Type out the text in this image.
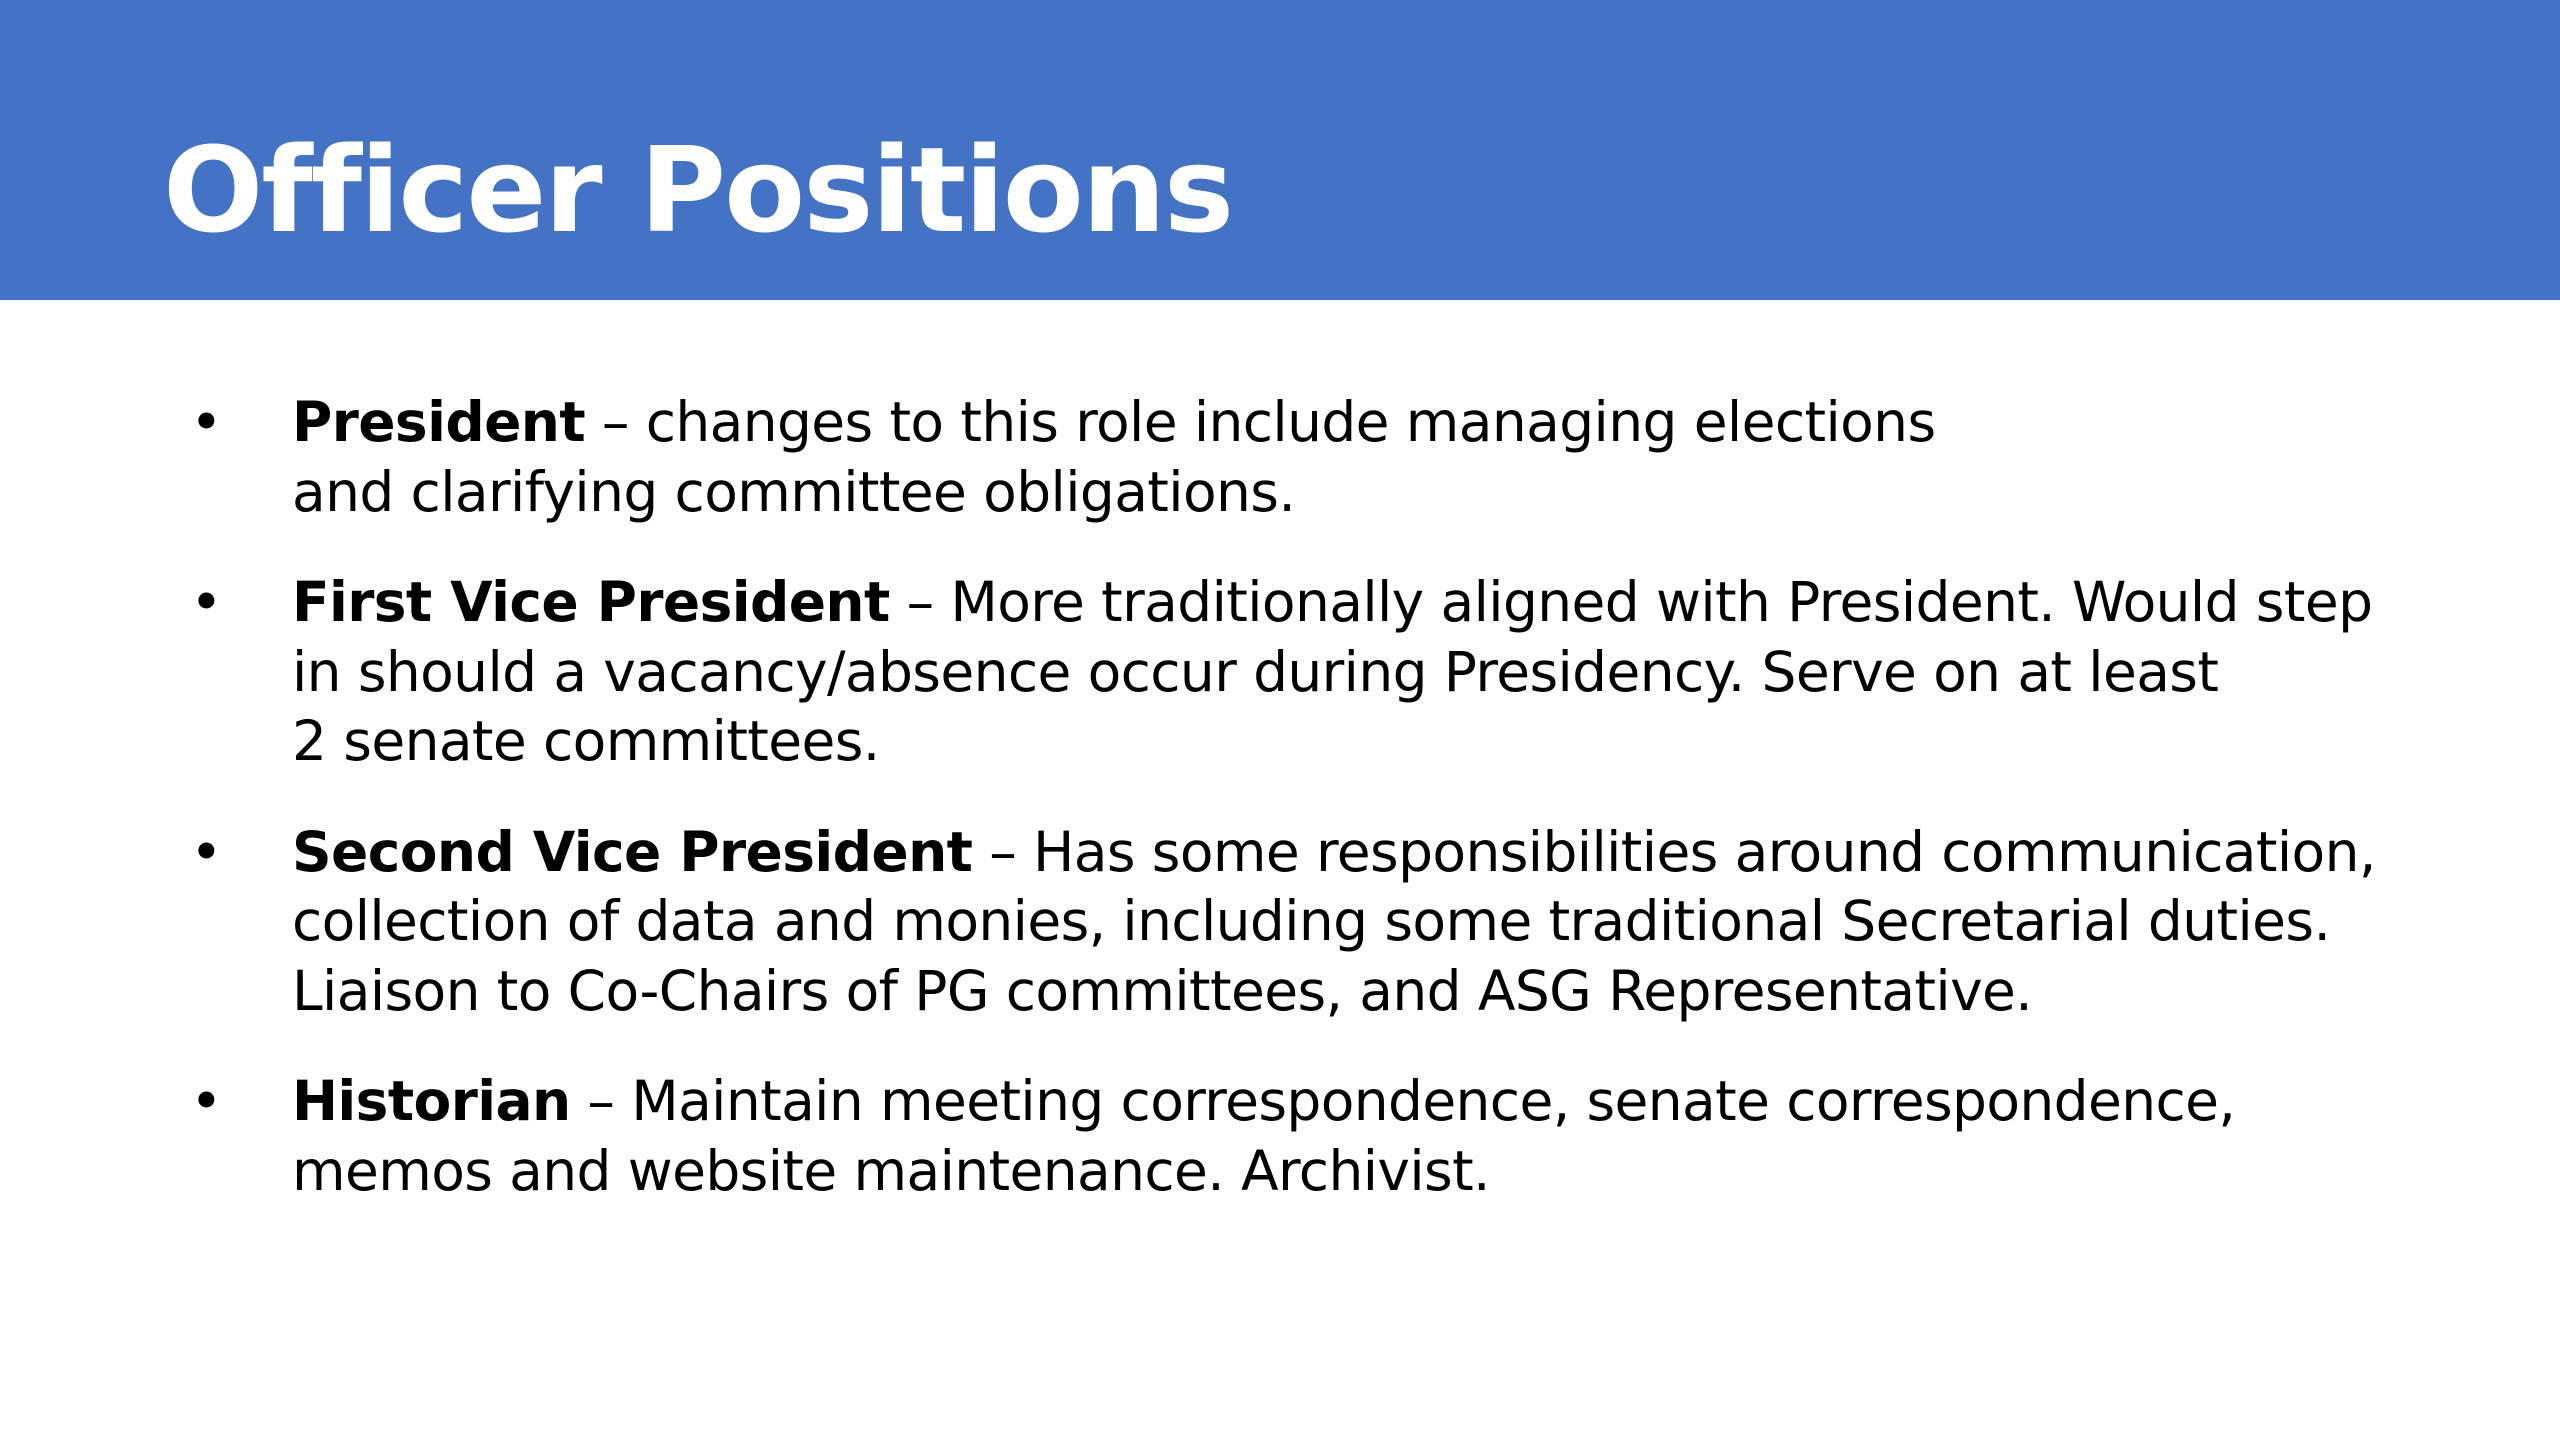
Officer Positions
• President – changes to this role include managing elections
and clarifying committee obligations.
• First Vice President – More traditionally aligned with President. Would step
in should a vacancy/absence occur during Presidency. Serve on at least
2 senate committees.
• Second Vice President – Has some responsibilities around communication,
collection of data and monies, including some traditional Secretarial duties.
Liaison to Co-Chairs of PG committees, and ASG Representative.
• Historian – Maintain meeting correspondence, senate correspondence,
memos and website maintenance. Archivist.
